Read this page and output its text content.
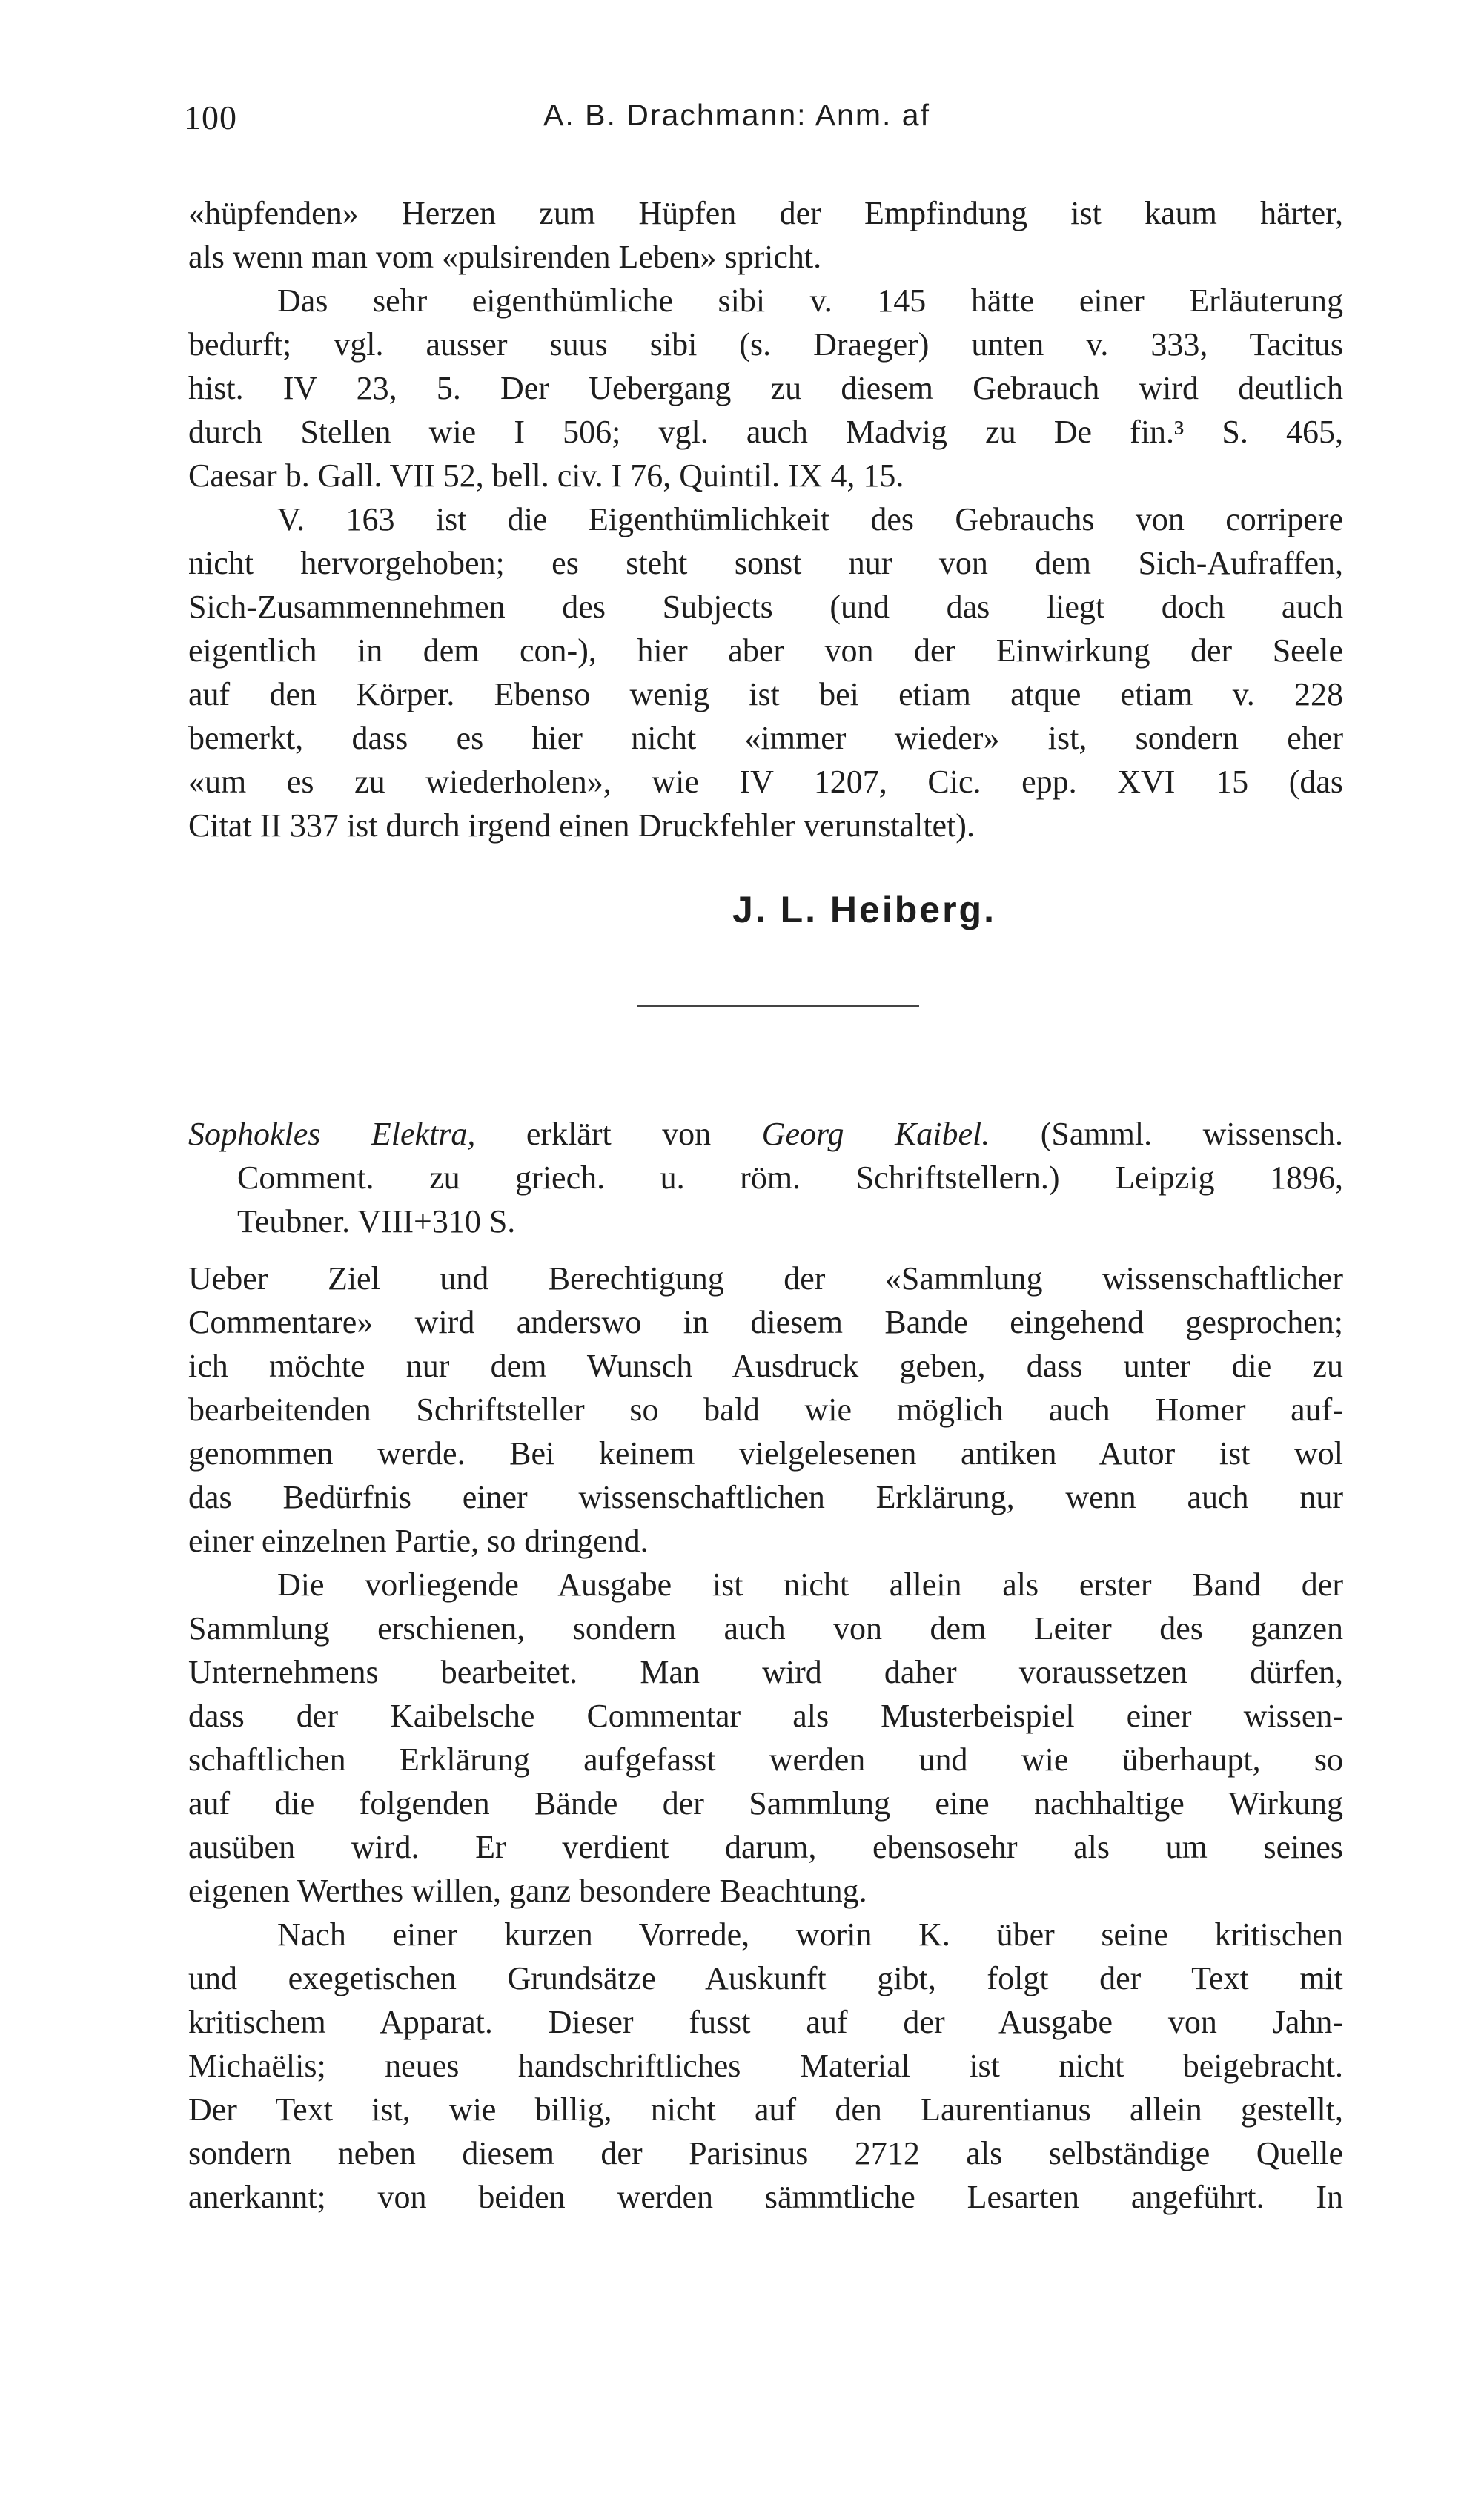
100	A. B. Drachmann: Anm. af
«hüpfenden» Herzen zum Hüpfen der Empfindung ist kaum härter,
als wenn man vom «pulsirenden Leben» spricht.
Das sehr eigenthümliche sibi v. 145 hätte einer Erläuterung
bedurft; vgl. ausser suus sibi (s. Draeger) unten v. 333, Tacitus
hist. IV 23, 5. Der Uebergang zu diesem Gebrauch wird deutlich
durch Stellen wie I 506; vgl. auch Madvig zu De fin.³ S. 465,
Caesar b. Gall. VII 52, bell. civ. I 76, Quintil. IX 4, 15.
V. 163 ist die Eigenthümlichkeit des Gebrauchs von corripere
nicht hervorgehoben; es steht sonst nur von dem Sich-Aufraffen,
Sich-Zusammennehmen des Subjects (und das liegt doch auch
eigentlich in dem con-), hier aber von der Einwirkung der Seele
auf den Körper. Ebenso wenig ist bei etiam atque etiam v. 228
bemerkt, dass es hier nicht «immer wieder» ist, sondern eher
«um es zu wiederholen», wie IV 1207, Cic. epp. XVI 15 (das
Citat II 337 ist durch irgend einen Druckfehler verunstaltet).
J. L. Heiberg.
Sophokles Elektra, erklärt von Georg Kaibel. (Samml. wissensch.
Comment. zu griech. u. röm. Schriftstellern.) Leipzig 1896,
Teubner. VIII+310 S.
Ueber Ziel und Berechtigung der «Sammlung wissenschaftlicher
Commentare» wird anderswo in diesem Bande eingehend gesprochen;
ich möchte nur dem Wunsch Ausdruck geben, dass unter die zu
bearbeitenden Schriftsteller so bald wie möglich auch Homer auf-
genommen werde. Bei keinem vielgelesenen antiken Autor ist wol
das Bedürfnis einer wissenschaftlichen Erklärung, wenn auch nur
einer einzelnen Partie, so dringend.
Die vorliegende Ausgabe ist nicht allein als erster Band der
Sammlung erschienen, sondern auch von dem Leiter des ganzen
Unternehmens bearbeitet. Man wird daher voraussetzen dürfen,
dass der Kaibelsche Commentar als Musterbeispiel einer wissen-
schaftlichen Erklärung aufgefasst werden und wie überhaupt, so
auf die folgenden Bände der Sammlung eine nachhaltige Wirkung
ausüben wird. Er verdient darum, ebensosehr als um seines
eigenen Werthes willen, ganz besondere Beachtung.
Nach einer kurzen Vorrede, worin K. über seine kritischen
und exegetischen Grundsätze Auskunft gibt, folgt der Text mit
kritischem Apparat. Dieser fusst auf der Ausgabe von Jahn-
Michaëlis; neues handschriftliches Material ist nicht beigebracht.
Der Text ist, wie billig, nicht auf den Laurentianus allein gestellt,
sondern neben diesem der Parisinus 2712 als selbständige Quelle
anerkannt; von beiden werden sämmtliche Lesarten angeführt. In
